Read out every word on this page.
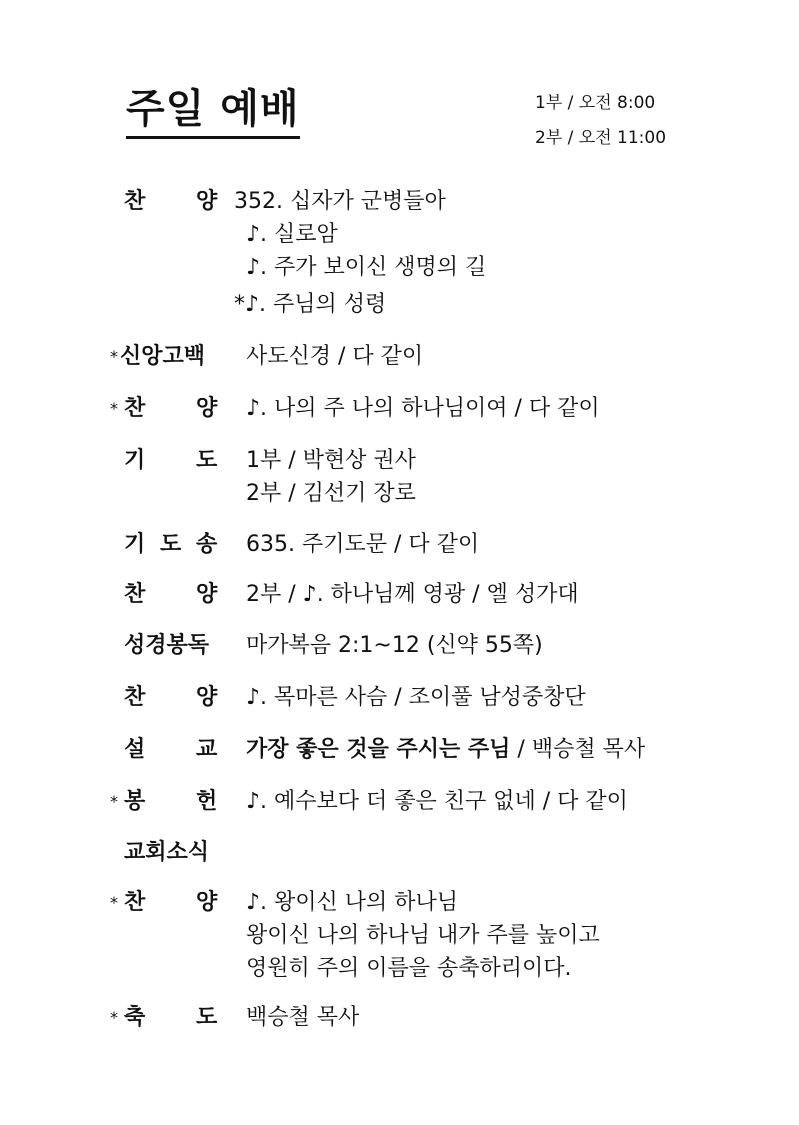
주일 예배	1부 / 오전 8:00
2부 / 오전 11:00
찬 양 352. 십자가 군병들아
♪. 실로암
♪. 주가 보이신 생명의 길
*♪. 주님의 성령
* 신앙고백 사도신경 / 다 같이
* 찬 양 ♪. 나의 주 나의 하나님이여 / 다 같이
기 도 1부 / 박현상 권사
2부 / 김선기 장로
기 도 송 635. 주기도문 / 다 같이
찬 양 2부 / ♪. 하나님께 영광 / 엘 성가대
성경봉독 마가복음 2:1~12 (신약 55쪽)
찬 양 ♪. 목마른 사슴 / 조이풀 남성중창단
설 교 가장 좋은 것을 주시는 주님 / 백승철 목사
* 봉 헌 ♪. 예수보다 더 좋은 친구 없네 / 다 같이
교회소식
* 찬 양 ♪. 왕이신 나의 하나님
왕이신 나의 하나님 내가 주를 높이고
영원히 주의 이름을 송축하리이다.
* 축 도 백승철 목사
